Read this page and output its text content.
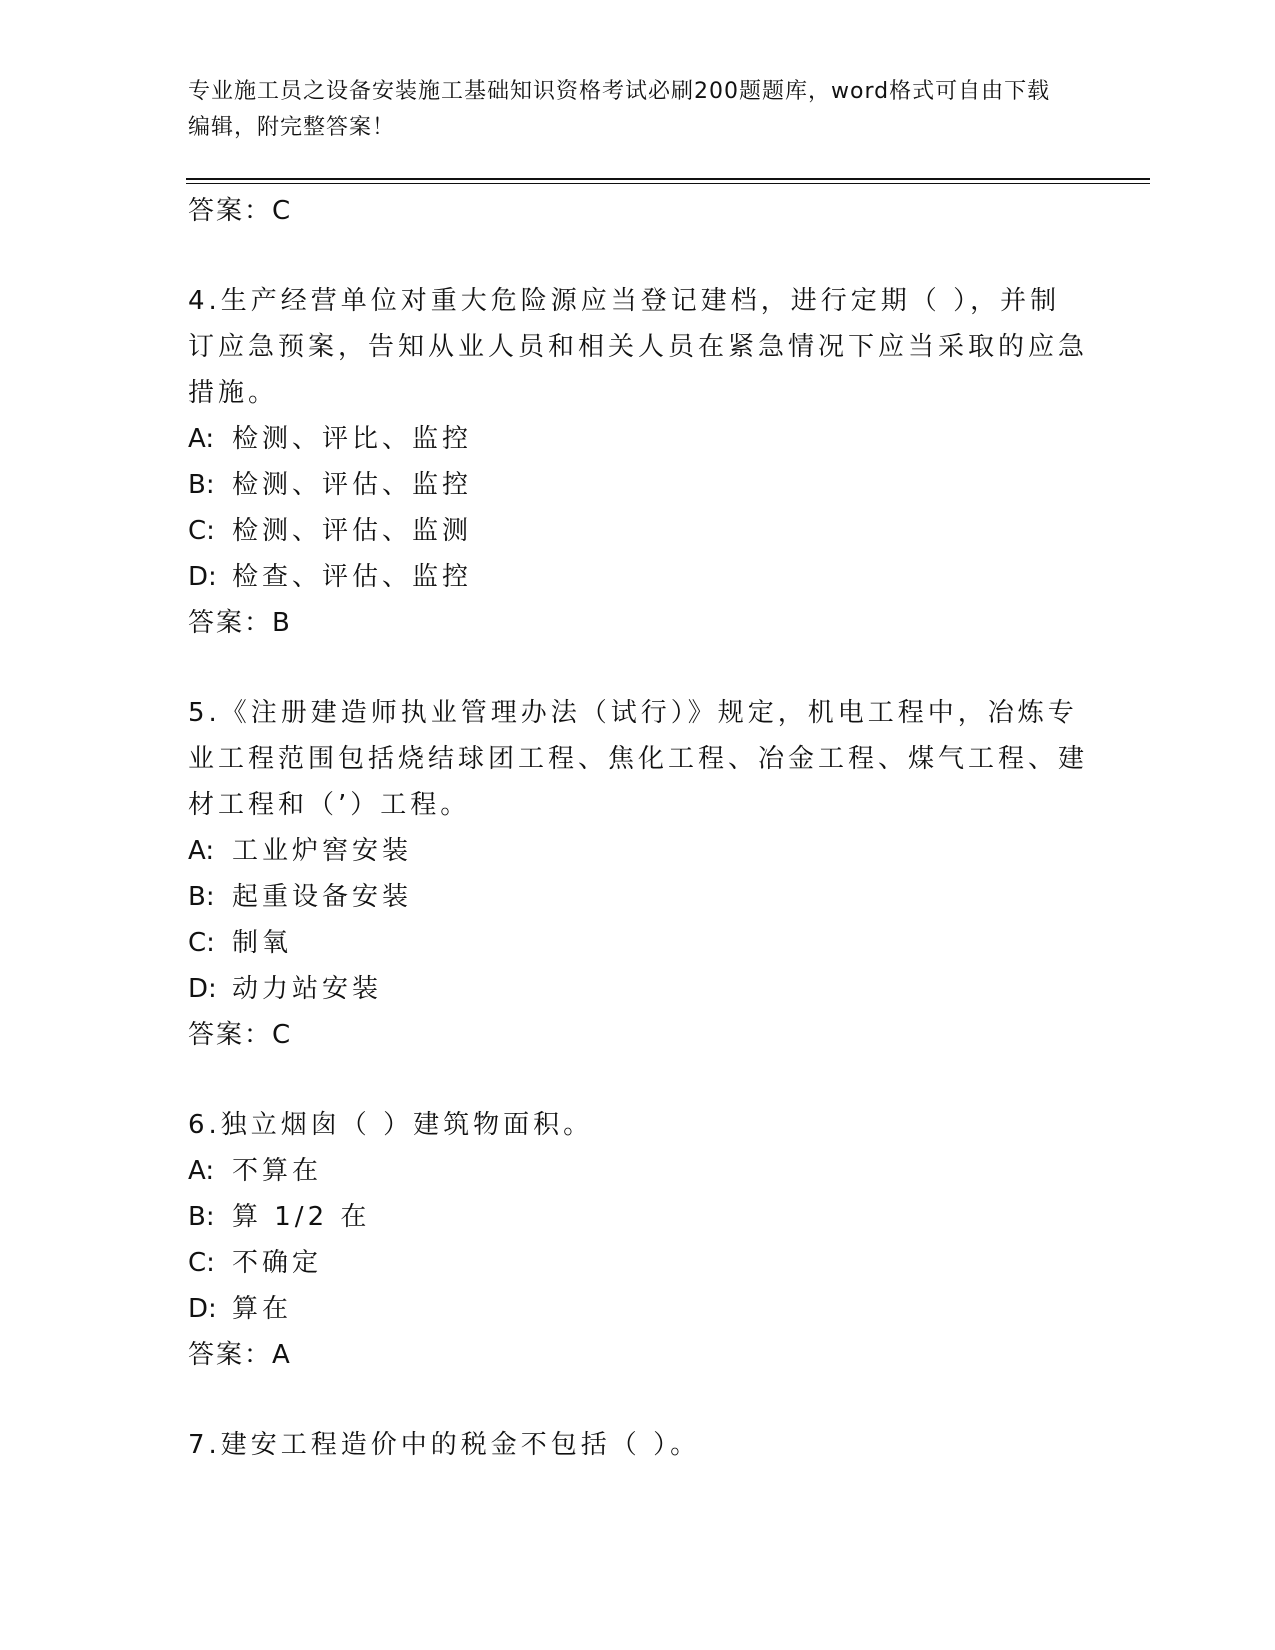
专业施工员之设备安装施工基础知识资格考试必刷200题题库，word格式可自由下载编辑，附完整答案！
答案：C
4.生产经营单位对重大危险源应当登记建档，进行定期（ ），并制订应急预案，告知从业人员和相关人员在紧急情况下应当采取的应急措施。
A: 检测、评比、监控
B: 检测、评估、监控
C: 检测、评估、监测
D: 检查、评估、监控
答案：B
5.《注册建造师执业管理办法（试行）》规定，机电工程中，冶炼专业工程范围包括烧结球团工程、焦化工程、冶金工程、煤气工程、建材工程和（’）工程。
A: 工业炉窖安装
B: 起重设备安装
C: 制氧
D: 动力站安装
答案：C
6.独立烟囱（ ）建筑物面积。
A: 不算在
B: 算 1/2 在
C: 不确定
D: 算在
答案：A
7.建安工程造价中的税金不包括（ ）。
